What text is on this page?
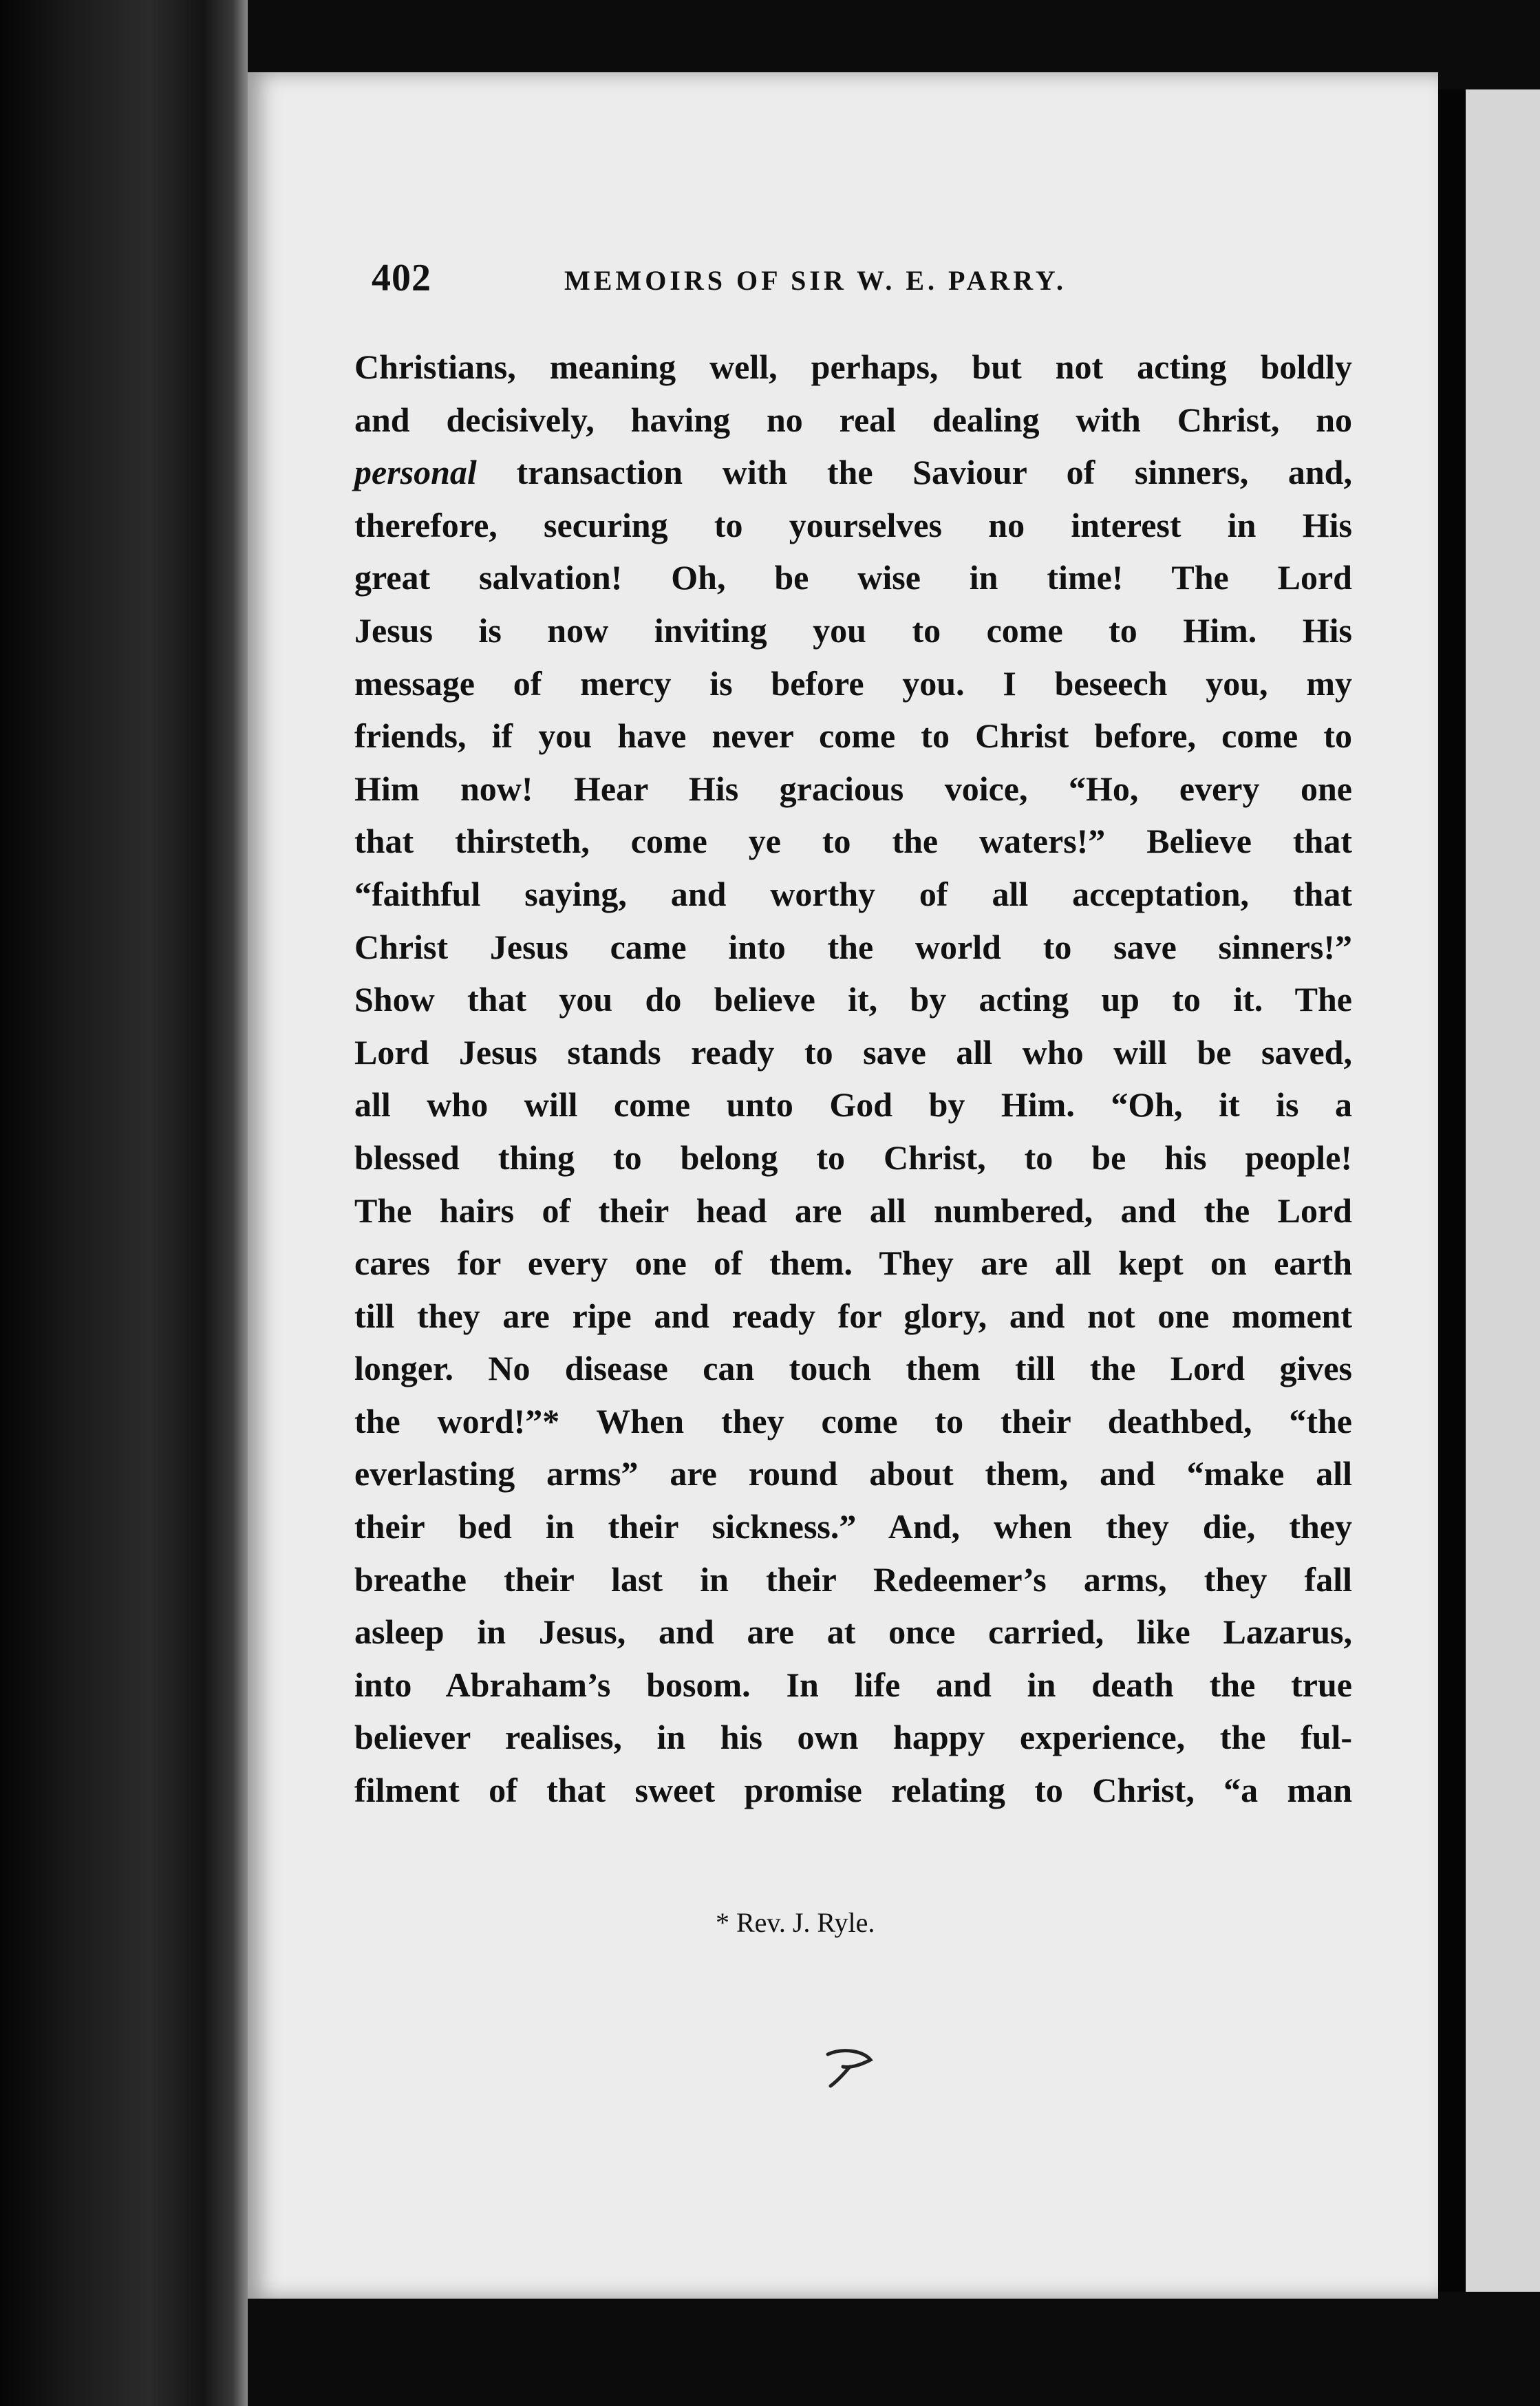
402	MEMOIRS OF SIR W. E. PARRY.
Christians, meaning well, perhaps, but not acting boldly
and decisively, having no real dealing with Christ, no
personal transaction with the Saviour of sinners, and,
therefore, securing to yourselves no interest in His
great salvation! Oh, be wise in time! The Lord
Jesus is now inviting you to come to Him. His
message of mercy is before you. I beseech you, my
friends, if you have never come to Christ before, come to
Him now! Hear His gracious voice, “Ho, every one
that thirsteth, come ye to the waters!” Believe that
“faithful saying, and worthy of all acceptation, that
Christ Jesus came into the world to save sinners!”
Show that you do believe it, by acting up to it. The
Lord Jesus stands ready to save all who will be saved,
all who will come unto God by Him. “Oh, it is a
blessed thing to belong to Christ, to be his people!
The hairs of their head are all numbered, and the Lord
cares for every one of them. They are all kept on earth
till they are ripe and ready for glory, and not one moment
longer. No disease can touch them till the Lord gives
the word!”* When they come to their deathbed, “the
everlasting arms” are round about them, and “make all
their bed in their sickness.” And, when they die, they
breathe their last in their Redeemer’s arms, they fall
asleep in Jesus, and are at once carried, like Lazarus,
into Abraham’s bosom. In life and in death the true
believer realises, in his own happy experience, the ful-
filment of that sweet promise relating to Christ, “a man
* Rev. J. Ryle.
